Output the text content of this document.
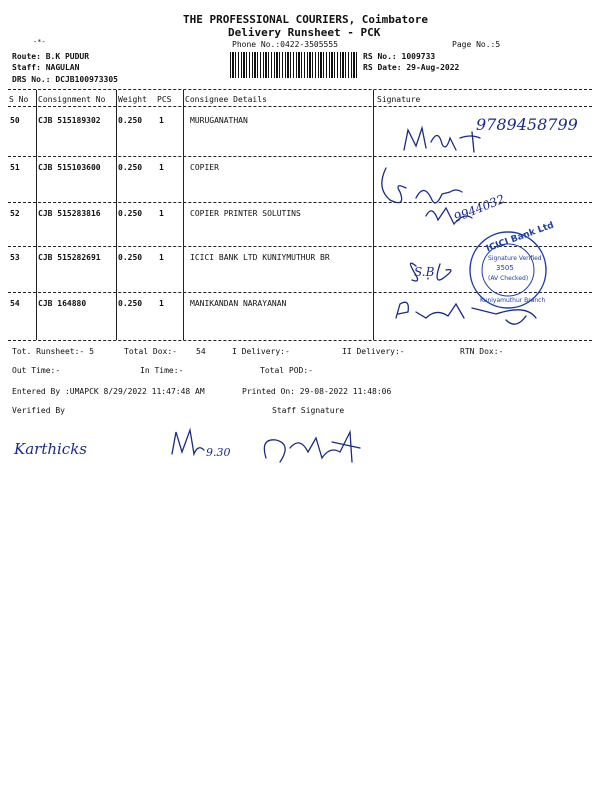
-*-
THE PROFESSIONAL COURIERS, Coimbatore
Delivery Runsheet - PCK
Phone No.:0422-3505555	Page No.:5
Route: B.K PUDUR
Staff: NAGULAN
DRS No.: DCJB100973305
RS No.: 1009733
RS Date: 29-Aug-2022
S No Consignment No Weight PCS Consignee Details	Signature
50 CJB 515189302 0.250 1	MURUGANATHAN
51 CJB 515103600 0.250 1	COPIER
52 CJB 515283816 0.250 1	COPIER PRINTER SOLUTINS
53 CJB 515282691 0.250 1	ICICI BANK LTD KUNIYMUTHUR BR
54 CJB 164880	0.250 1	MANIKANDAN NARAYANAN
9789458799
9944032
S.B
ICICI Bank Ltd
Signature Verified
3505
(AV Checked)
Kuniyamuthur Branch
Tot. Runsheet:- 5	Total Dox:- 54	I Delivery:-	II Delivery:-	RTN Dox:-
Out Time:-	In Time:-	Total POD:-
Entered By :UMAPCK 8/29/2022 11:47:48 AM	Printed On: 29-08-2022 11:48:06
Verified By	Staff Signature
Karthicks	9.30
